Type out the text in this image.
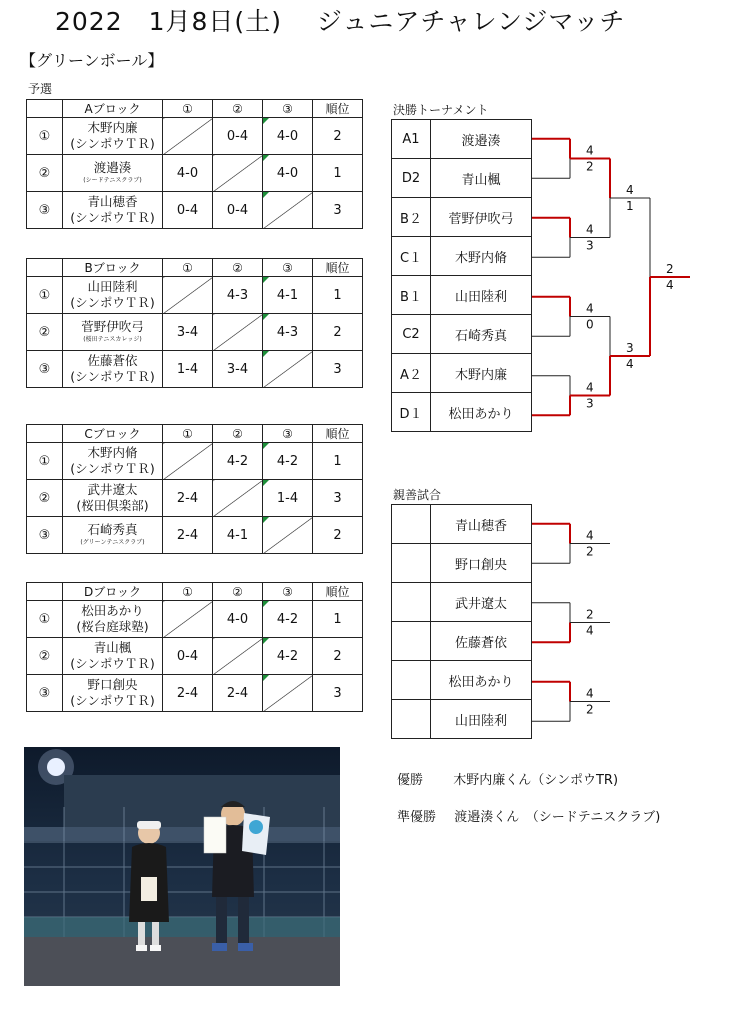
2022　1月8日(土)　 ジュニアチャレンジマッチ
【グリーンボール】
予選
	Aブロック	①	②	③	順位
①	木野内廉
(シンポウＴＲ)		0-4	4-0	2
②	渡邉湊
(シードテニスクラブ)	4-0		4-0	1
③	青山穂香
(シンポウＴＲ)	0-4	0-4		3
	Bブロック	①	②	③	順位
①	山田陸利
(シンポウＴＲ)		4-3	4-1	1
②	菅野伊吹弓
(桜田テニスカレッジ)	3-4		4-3	2
③	佐藤蒼依
(シンポウＴＲ)	1-4	3-4		3
	Cブロック	①	②	③	順位
①	木野内脩
(シンポウＴＲ)		4-2	4-2	1
②	武井遼太
(桜田倶楽部)	2-4		1-4	3
③	石崎秀真
(グリーンテニスクラブ)	2-4	4-1		2
	Dブロック	①	②	③	順位
①	松田あかり
(桜台庭球塾)		4-0	4-2	1
②	青山楓
(シンポウＴＲ)	0-4		4-2	2
③	野口創央
(シンポウＴＲ)	2-4	2-4		3
決勝トーナメント
A1	渡邉湊
D2	青山楓
B２	菅野伊吹弓
C１	木野内脩
B１	山田陸利
C2	石崎秀真
A２	木野内廉
D１	松田あかり
親善試合
	青山穂香
	野口創央
	武井遼太
	佐藤蒼依
	松田あかり
	山田陸利
4
2
4
3
4
0
4
3
4
1
3
4
2
4
4
2
2
4
4
2
優勝 木野内廉くん（シンポウTR)
準優勝 渡邉湊くん　（シードテニスクラブ)
